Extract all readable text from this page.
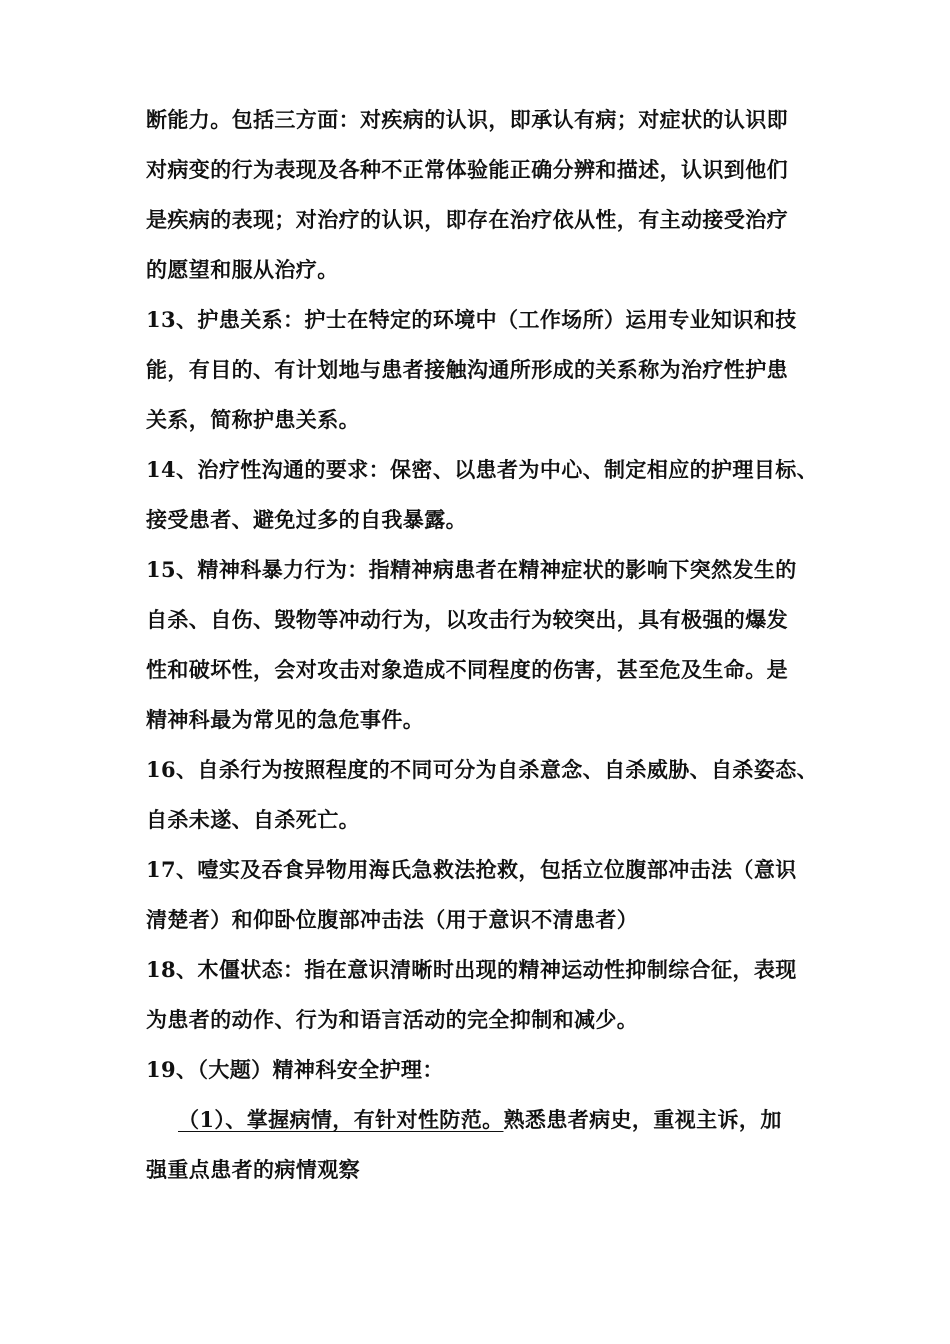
断能力。包括三方面：对疾病的认识，即承认有病；对症状的认识即
对病变的行为表现及各种不正常体验能正确分辨和描述，认识到他们
是疾病的表现；对治疗的认识，即存在治疗依从性，有主动接受治疗
的愿望和服从治疗。
13、护患关系：护士在特定的环境中（工作场所）运用专业知识和技
能，有目的、有计划地与患者接触沟通所形成的关系称为治疗性护患
关系，简称护患关系。
14、治疗性沟通的要求：保密、以患者为中心、制定相应的护理目标、
接受患者、避免过多的自我暴露。
15、精神科暴力行为：指精神病患者在精神症状的影响下突然发生的
自杀、自伤、毁物等冲动行为，以攻击行为较突出，具有极强的爆发
性和破坏性，会对攻击对象造成不同程度的伤害，甚至危及生命。是
精神科最为常见的急危事件。
16、自杀行为按照程度的不同可分为自杀意念、自杀威胁、自杀姿态、
自杀未遂、自杀死亡。
17、噎实及吞食异物用海氏急救法抢救，包括立位腹部冲击法（意识
清楚者）和仰卧位腹部冲击法（用于意识不清患者）
18、木僵状态：指在意识清晰时出现的精神运动性抑制综合征，表现
为患者的动作、行为和语言活动的完全抑制和减少。
19、（大题）精神科安全护理：
（1）、掌握病情，有针对性防范。熟悉患者病史，重视主诉，加
强重点患者的病情观察
